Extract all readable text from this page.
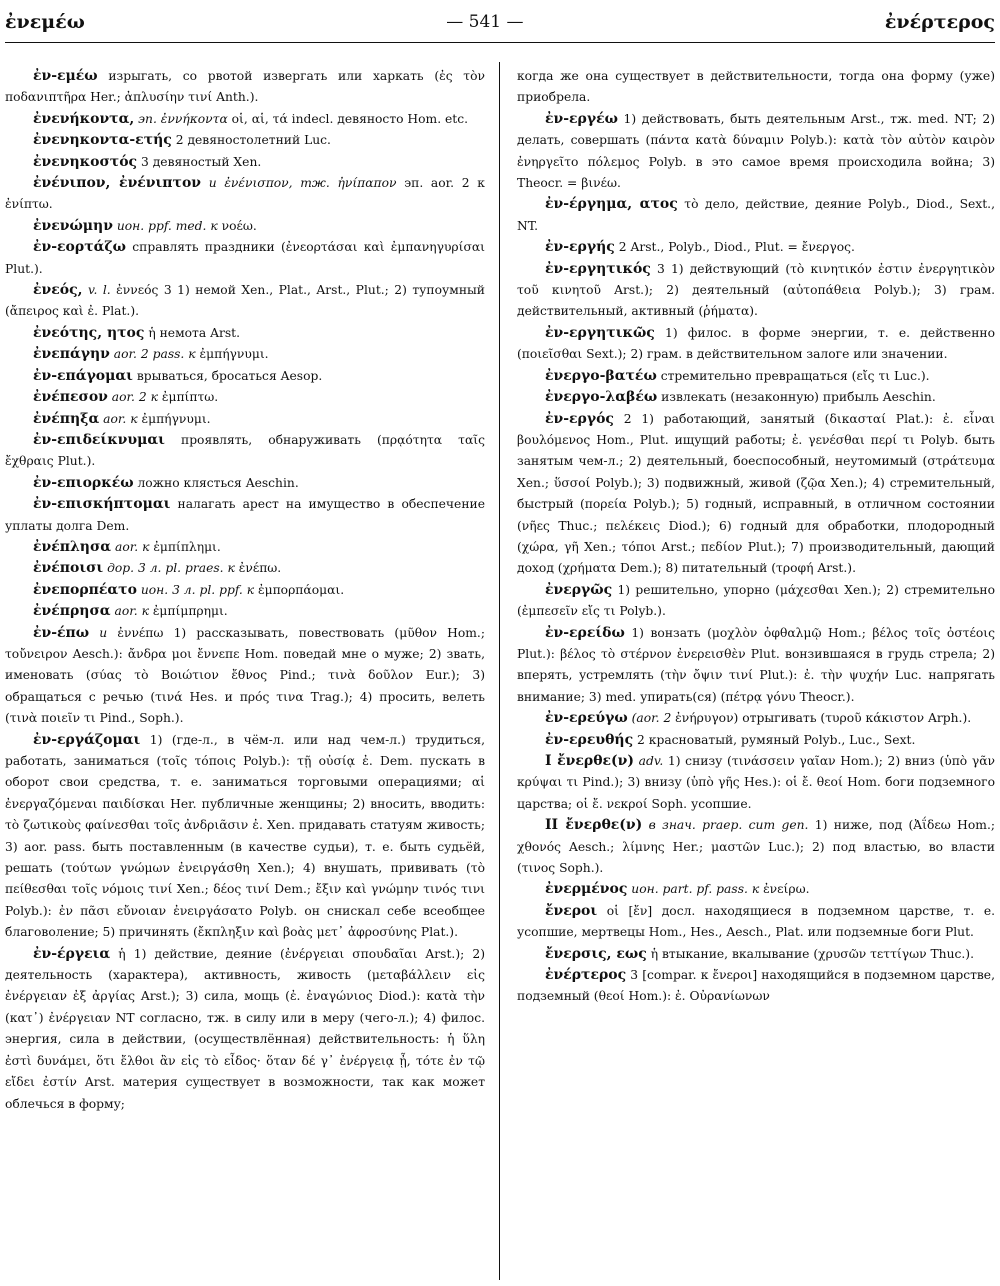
ἐνεμέω	— 541 —	ἐνέρτερος

ἐν-εμέω изрыгать, со рвотой извергать или харкать (ἐς τὸν ποδανιπτῆρα Her.; ἀπλυσίην τινί Anth.).

ἐνενήκοντα, эп. ἐννήκοντα οἱ, αἱ, τά indecl. девяносто Hom. etc.

ἐνενηκοντα-ετής 2 девяностолетний Luc.

ἐνενηκοστός 3 девяностый Xen.

ἐνένιπον, ἐνένιπτον и ἐνένισπον, тж. ἠνίπαπον эп. aor. 2 к ἐνίπτω.

ἐνενώμην ион. ppf. med. к νοέω.

ἐν-εορτάζω справлять праздники (ἐνεορτάσαι καὶ ἐμπανηγυρίσαι Plut.).

ἐνεός, v. l. ἐννεός 3 1) немой Xen., Plat., Arst., Plut.; 2) тупоумный (ἄπειρος καὶ ἐ. Plat.).

ἐνεότης, ητος ἡ немота Arst.

ἐνεπάγην aor. 2 pass. к ἐμπήγνυμι.

ἐν-επάγομαι врываться, бросаться Aesop.

ἐνέπεσον aor. 2 к ἐμπίπτω.

ἐνέπηξα aor. к ἐμπήγνυμι.

ἐν-επιδείκνυμαι проявлять, обнаруживать (πρᾳότητα ταῖς ἔχθραις Plut.).

ἐν-επιορκέω ложно клясться Aeschin.

ἐν-επισκήπτομαι налагать арест на имущество в обеспечение уплаты долга Dem.

ἐνέπλησα aor. к ἐμπίπλημι.

ἐνέποισι дор. 3 л. pl. praes. к ἐνέπω.

ἐνεπορπέατο ион. 3 л. pl. ppf. к ἐμπορπάομαι.

ἐνέπρησα aor. к ἐμπίμπρημι.

ἐν-έπω и ἐννέπω 1) рассказывать, повествовать (μῦθον Hom.; τοὔνειρον Aesch.): ἄνδρα μοι ἔννεπε Hom. поведай мне о муже; 2) звать, именовать (σύας τὸ Βοιώτιον ἔθνος Pind.; τινὰ δοῦλον Eur.); 3) обращаться с речью (τινά Hes. и πρός τινα Trag.); 4) просить, велеть (τινὰ ποιεῖν τι Pind., Soph.).

ἐν-εργάζομαι 1) (где-л., в чём-л. или над чем-л.) трудиться, работать, заниматься (τοῖς τόποις Polyb.): τῇ οὐσίᾳ ἐ. Dem. пускать в оборот свои средства, т. е. заниматься торговыми операциями; αἱ ἐνεργαζόμεναι παιδίσκαι Her. публичные женщины; 2) вносить, вводить: τὸ ζωτικοὺς φαίνεσθαι τοῖς ἀνδριᾶσιν ἐ. Xen. придавать статуям живость; 3) aor. pass. быть поставленным (в качестве судьи), т. е. быть судьёй, решать (τούτων γνώμων ἐνειργάσθη Xen.); 4) внушать, прививать (τὸ πείθεσθαι τοῖς νόμοις τινί Xen.; δέος τινί Dem.; ἔξιν καὶ γνώμην τινός τινι Polyb.): ἐν πᾶσι εὔνοιαν ἐνειργάσατο Polyb. он снискал себе всеобщее благоволение; 5) причинять (ἔκπληξιν καὶ βοὰς μετ᾽ ἀφροσύνης Plat.).

ἐν-έργεια ἡ 1) действие, деяние (ἐνέργειαι σπουδαῖαι Arst.); 2) деятельность (характера), активность, живость (μεταβάλλειν εἰς ἐνέργειαν ἐξ ἀργίας Arst.); 3) сила, мощь (ἐ. ἐναγώνιος Diod.): κατὰ τὴν (κατ᾽) ἐνέργειαν NT согласно, тж. в силу или в меру (чего-л.); 4) филос. энергия, сила в действии, (осуществлённая) действительность: ἡ ὕλη ἐστὶ δυνάμει, ὅτι ἔλθοι ἂν εἰς τὸ εἶδος· ὅταν δέ γ᾽ ἐνέργειᾳ ᾖ, τότε ἐν τῷ εἴδει ἐστίν Arst. материя существует в возможности, так как может облечься в форму;

когда же она существует в действительности, тогда она форму (уже) приобрела.

ἐν-εργέω 1) действовать, быть деятельным Arst., тж. med. NT; 2) делать, совершать (πάντα κατὰ δύναμιν Polyb.): κατὰ τὸν αὐτὸν καιρὸν ἐνηργεῖτο πόλεμος Polyb. в это самое время происходила война; 3) Theocr. = βινέω.

ἐν-έργημα, ατος τὸ дело, действие, деяние Polyb., Diod., Sext., NT.

ἐν-εργής 2 Arst., Polyb., Diod., Plut. = ἔνεργος.

ἐν-εργητικός 3 1) действующий (τὸ κινητικόν ἐστιν ἐνεργητικὸν τοῦ κινητοῦ Arst.); 2) деятельный (αὐτοπάθεια Polyb.); 3) грам. действительный, активный (ῥήματα).

ἐν-εργητικῶς 1) филос. в форме энергии, т. е. действенно (ποιεῖσθαι Sext.); 2) грам. в действительном залоге или значении.

ἐνεργο-βατέω стремительно превращаться (εἴς τι Luc.).

ἐνεργο-λαβέω извлекать (незаконную) прибыль Aeschin.

ἐν-εργός 2 1) работающий, занятый (δικασταί Plat.): ἐ. εἶναι βουλόμενος Hom., Plut. ищущий работы; ἐ. γενέσθαι περί τι Polyb. быть занятым чем-л.; 2) деятельный, боеспособный, неутомимый (στράτευμα Xen.; ὕσσοί Polyb.); 3) подвижный, живой (ζῷα Xen.); 4) стремительный, быстрый (πορεία Polyb.); 5) годный, исправный, в отличном состоянии (νῆες Thuc.; πελέκεις Diod.); 6) годный для обработки, плодородный (χώρα, γῆ Xen.; τόποι Arst.; πεδίον Plut.); 7) производительный, дающий доход (χρήματα Dem.); 8) питательный (τροφή Arst.).

ἐνεργῶς 1) решительно, упорно (μάχεσθαι Xen.); 2) стремительно (ἐμπεσεῖν εἴς τι Polyb.).

ἐν-ερείδω 1) вонзать (μοχλὸν ὀφθαλμῷ Hom.; βέλος τοῖς ὀστέοις Plut.): βέλος τὸ στέρνον ἐνερεισθὲν Plut. вонзившаяся в грудь стрела; 2) вперять, устремлять (τὴν ὄψιν τινί Plut.): ἐ. τὴν ψυχήν Luc. напрягать внимание; 3) med. упирать(ся) (πέτρᾳ γόνυ Theocr.).

ἐν-ερεύγω (aor. 2 ἐνήρυγον) отрыгивать (τυροῦ κάκιστον Arph.).

ἐν-ερευθής 2 красноватый, румяный Polyb., Luc., Sext.

I ἔνερθε(ν) adv. 1) снизу (τινάσσειν γαῖαν Hom.); 2) вниз (ὑπὸ γᾶν κρύψαι τι Pind.); 3) внизу (ὑπὸ γῆς Hes.): οἱ ἔ. θεοί Hom. боги подземного царства; οἱ ἔ. νεκροί Soph. усопшие.

II ἔνερθε(ν) в знач. praep. cum gen. 1) ниже, под (Ἀΐδεω Hom.; χθονός Aesch.; λίμνης Her.; μαστῶν Luc.); 2) под властью, во власти (τινος Soph.).

ἐνερμένος ион. part. pf. pass. к ἐνείρω.

ἔνεροι οἱ [ἔν] досл. находящиеся в подземном царстве, т. е. усопшие, мертвецы Hom., Hes., Aesch., Plat. или подземные боги Plut.

ἔνερσις, εως ἡ втыкание, вкалывание (χρυσῶν τεττίγων Thuc.).

ἐνέρτερος 3 [compar. к ἔνεροι] находящийся в подземном царстве, подземный (θεοί Hom.): ἐ. Οὐρανίωνων
